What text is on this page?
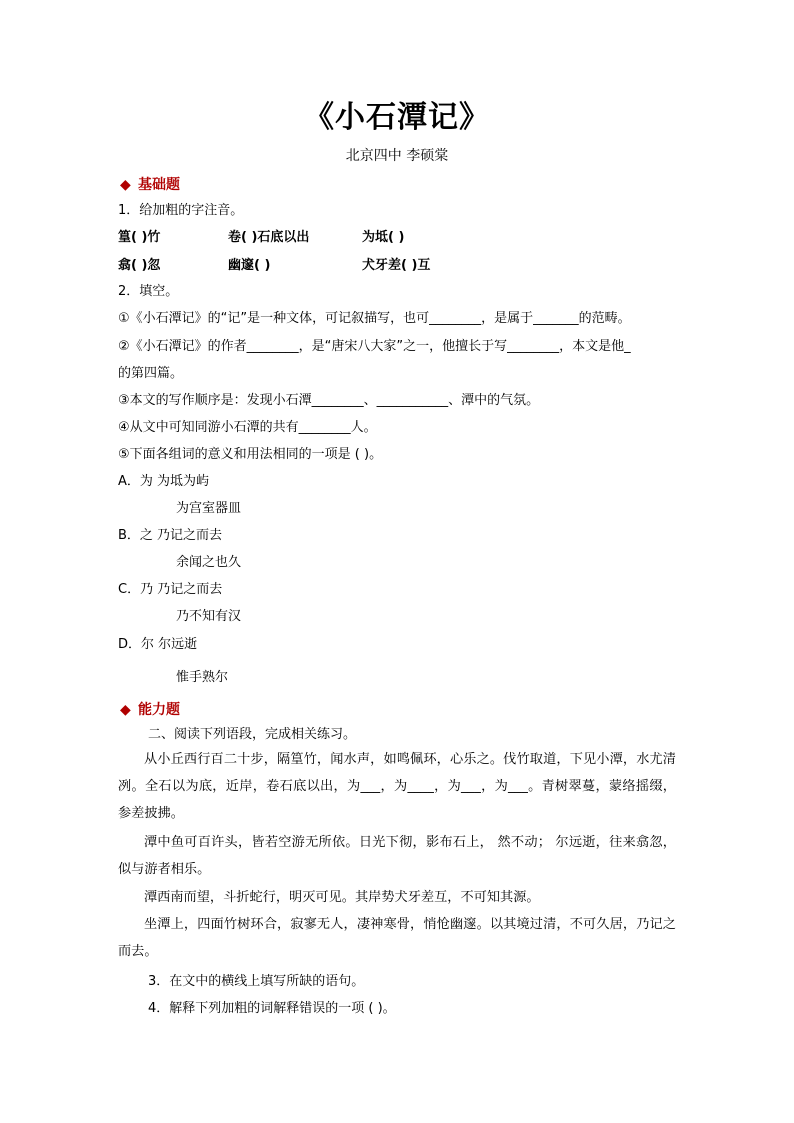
《小石潭记》
北京四中 李硕棠
◆ 基础题
1．给加粗的字注音。
篁( )竹	卷( )石底以出	为坻( )
翕( )忽	幽邃( )	犬牙差( )互
2．填空。
①《小石潭记》的“记”是一种文体，可记叙描写，也可________，是属于_______的范畴。
②《小石潭记》的作者________，是“唐宋八大家”之一，他擅长于写________，本文是他_
的第四篇。
③本文的写作顺序是：发现小石潭________、___________、潭中的气氛。
④从文中可知同游小石潭的共有________人。
⑤下面各组词的意义和用法相同的一项是 ( )。
A．为 为坻为屿
为宫室器皿
B．之 乃记之而去
余闻之也久
C．乃 乃记之而去
乃不知有汉
D．尔 尔远逝
惟手熟尔
◆ 能力题
二、阅读下列语段，完成相关练习。
从小丘西行百二十步，隔篁竹，闻水声，如鸣佩环，心乐之。伐竹取道，下见小潭，水尤清冽。全石以为底，近岸，卷石底以出，为___，为____，为___，为___。青树翠蔓，蒙络摇缀，参差披拂。
潭中鱼可百许头，皆若空游无所依。日光下彻，影布石上， 然不动； 尔远逝，往来翕忽，似与游者相乐。
潭西南而望，斗折蛇行，明灭可见。其岸势犬牙差互，不可知其源。
坐潭上，四面竹树环合，寂寥无人，凄神寒骨，悄怆幽邃。以其境过清，不可久居，乃记之而去。
3．在文中的横线上填写所缺的语句。
4．解释下列加粗的词解释错误的一项 ( )。
